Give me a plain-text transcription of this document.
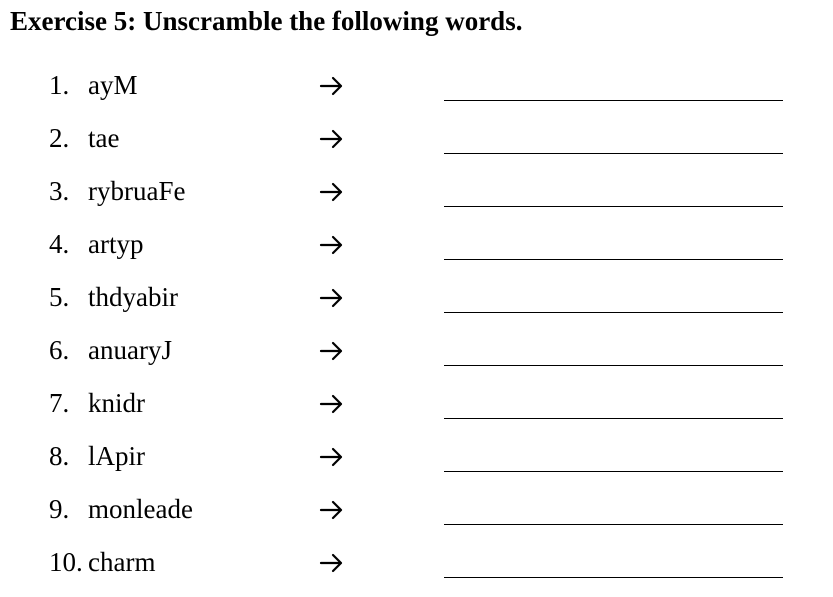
Exercise 5: Unscramble the following words.
1. ayM
2. tae
3. rybruaFe
4. artyp
5. thdyabir
6. anuaryJ
7. knidr
8. lApir
9. monleade
10. charm
